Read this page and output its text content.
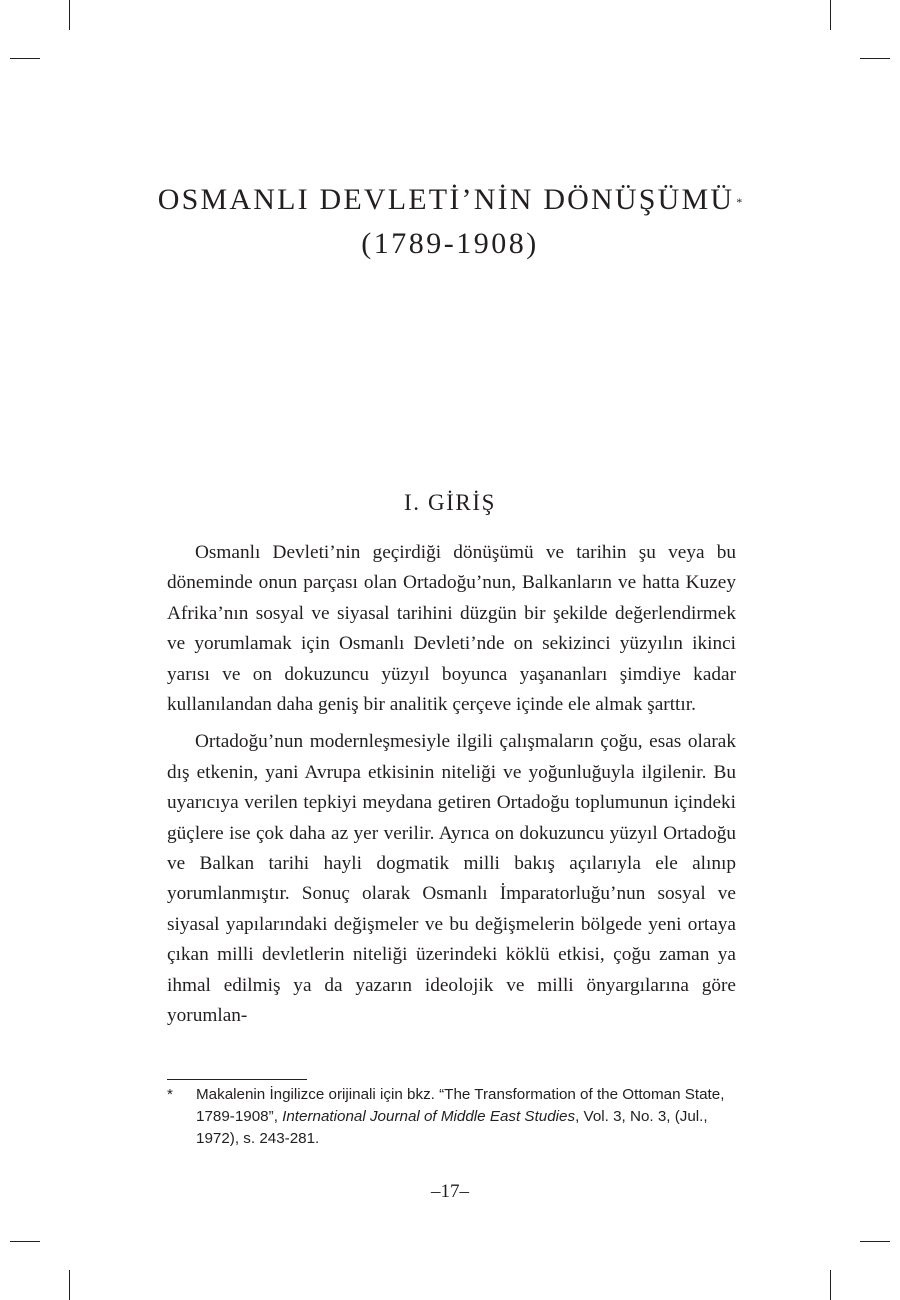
OSMANLI DEVLETİ’NİN DÖNÜŞÜMÜ *
(1789-1908)
I. GİRİŞ

Osmanlı Devleti’nin geçirdiği dönüşümü ve tarihin şu veya bu döneminde onun parçası olan Ortadoğu’nun, Balkanların ve hatta Kuzey Afrika’nın sosyal ve siyasal tarihini düzgün bir şekilde değerlendirmek ve yorumlamak için Osmanlı Devleti’nde on sekizinci yüzyılın ikinci yarısı ve on dokuzuncu yüzyıl boyunca yaşananları şimdiye kadar kullanılandan daha geniş bir analitik çerçeve içinde ele almak şarttır.

Ortadoğu’nun modernleşmesiyle ilgili çalışmaların çoğu, esas olarak dış etkenin, yani Avrupa etkisinin niteliği ve yoğunluğuyla ilgilenir. Bu uyarıcıya verilen tepkiyi meydana getiren Ortadoğu toplumunun içindeki güçlere ise çok daha az yer verilir. Ayrıca on dokuzuncu yüzyıl Ortadoğu ve Balkan tarihi hayli dogmatik milli bakış açılarıyla ele alınıp yorumlanmıştır. Sonuç olarak Osmanlı İmparatorluğu’nun sosyal ve siyasal yapılarındaki değişmeler ve bu değişmelerin bölgede yeni ortaya çıkan milli devletlerin niteliği üzerindeki köklü etkisi, çoğu zaman ya ihmal edilmiş ya da yazarın ideolojik ve milli önyargılarına göre yorumlan-

* Makalenin İngilizce orijinali için bkz. “The Transformation of the Ottoman State, 1789-1908”, International Journal of Middle East Studies, Vol. 3, No. 3, (Jul., 1972), s. 243-281.
–17–
